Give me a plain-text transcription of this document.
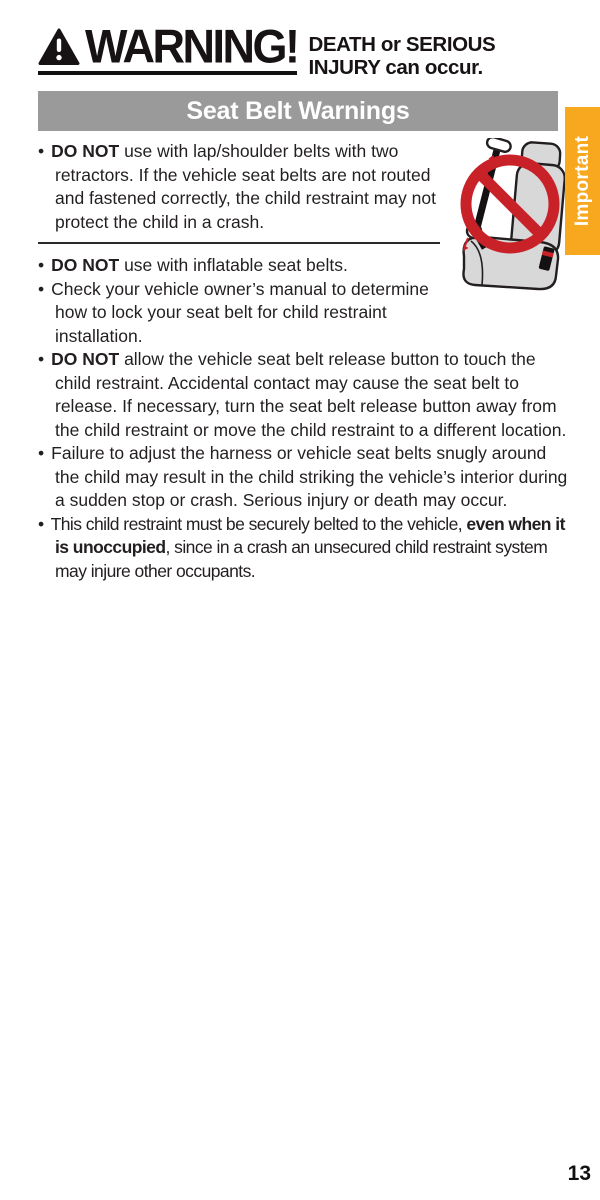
WARNING! DEATH or SERIOUS
INJURY can occur.
Seat Belt Warnings
Important
• DO NOT use with lap/shoulder belts with two retractors. If the vehicle seat belts are not routed and fastened correctly, the child restraint may not protect the child in a crash.
• DO NOT use with inflatable seat belts.
• Check your vehicle owner’s manual to determine how to lock your seat belt for child restraint installation.
• DO NOT allow the vehicle seat belt release button to touch the child restraint. Accidental contact may cause the seat belt to release. If necessary, turn the seat belt release button away from the child restraint or move the child restraint to a different location.
• Failure to adjust the harness or vehicle seat belts snugly around the child may result in the child striking the vehicle’s interior during a sudden stop or crash. Serious injury or death may occur.
• This child restraint must be securely belted to the vehicle, even when it is unoccupied, since in a crash an unsecured child restraint system may injure other occupants.
13
